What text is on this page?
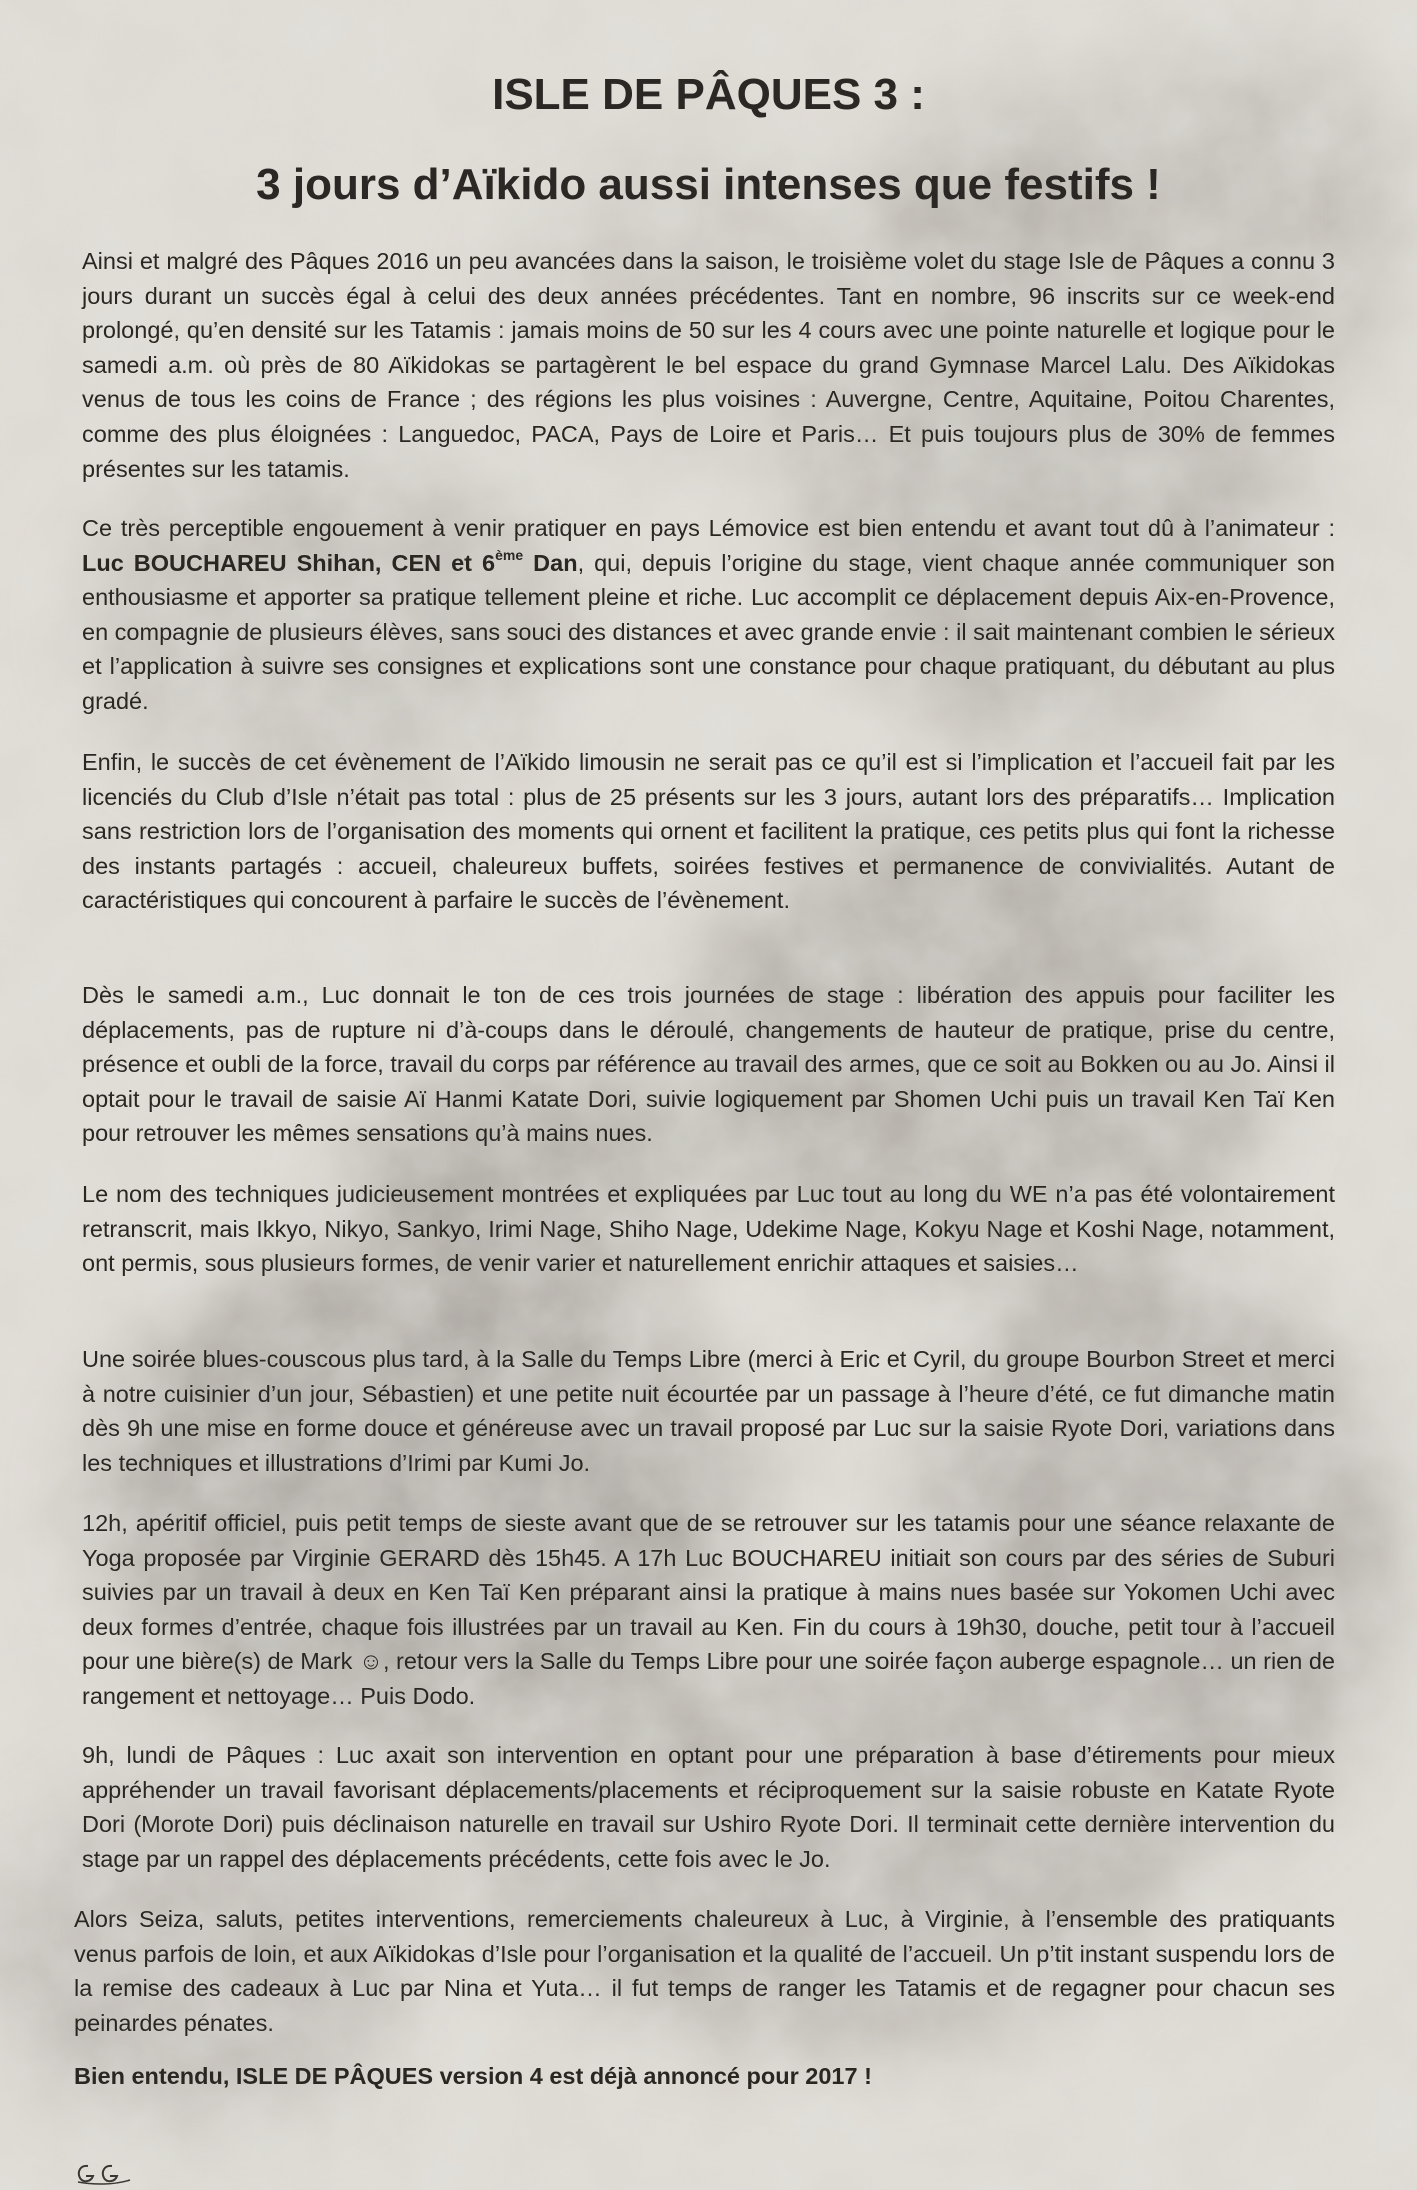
ISLE DE PÂQUES 3 :
3 jours d’Aïkido aussi intenses que festifs !

Ainsi et malgré des Pâques 2016 un peu avancées dans la saison, le troisième volet du stage Isle de Pâques a connu 3 jours durant un succès égal à celui des deux années précédentes. Tant en nombre, 96 inscrits sur ce week-end prolongé, qu’en densité sur les Tatamis : jamais moins de 50 sur les 4 cours avec une pointe naturelle et logique pour le samedi a.m. où près de 80 Aïkidokas se partagèrent le bel espace du grand Gymnase Marcel Lalu. Des Aïkidokas venus de tous les coins de France ; des régions les plus voisines : Auvergne, Centre, Aquitaine, Poitou Charentes, comme des plus éloignées : Languedoc, PACA, Pays de Loire et Paris… Et puis toujours plus de 30% de femmes présentes sur les tatamis.

Ce très perceptible engouement à venir pratiquer en pays Lémovice est bien entendu et avant tout dû à l’animateur : Luc BOUCHAREU Shihan, CEN et 6ème Dan, qui, depuis l’origine du stage, vient chaque année communiquer son enthousiasme et apporter sa pratique tellement pleine et riche. Luc accomplit ce déplacement depuis Aix-en-Provence, en compagnie de plusieurs élèves, sans souci des distances et avec grande envie : il sait maintenant combien le sérieux et l’application à suivre ses consignes et explications sont une constance pour chaque pratiquant, du débutant au plus gradé.

Enfin, le succès de cet évènement de l’Aïkido limousin ne serait pas ce qu’il est si l’implication et l’accueil fait par les licenciés du Club d’Isle n’était pas total : plus de 25 présents sur les 3 jours, autant lors des préparatifs… Implication sans restriction lors de l’organisation des moments qui ornent et facilitent la pratique, ces petits plus qui font la richesse des instants partagés : accueil, chaleureux buffets, soirées festives et permanence de convivialités. Autant de caractéristiques qui concourent à parfaire le succès de l’évènement.

Dès le samedi a.m., Luc donnait le ton de ces trois journées de stage : libération des appuis pour faciliter les déplacements, pas de rupture ni d’à-coups dans le déroulé, changements de hauteur de pratique, prise du centre, présence et oubli de la force, travail du corps par référence au travail des armes, que ce soit au Bokken ou au Jo. Ainsi il optait pour le travail de saisie Aï Hanmi Katate Dori, suivie logiquement par Shomen Uchi puis un travail Ken Taï Ken pour retrouver les mêmes sensations qu’à mains nues.

Le nom des techniques judicieusement montrées et expliquées par Luc tout au long du WE n’a pas été volontairement retranscrit, mais Ikkyo, Nikyo, Sankyo, Irimi Nage, Shiho Nage, Udekime Nage, Kokyu Nage et Koshi Nage, notamment, ont permis, sous plusieurs formes, de venir varier et naturellement enrichir attaques et saisies…

Une soirée blues-couscous plus tard, à la Salle du Temps Libre (merci à Eric et Cyril, du groupe Bourbon Street et merci à notre cuisinier d’un jour, Sébastien) et une petite nuit écourtée par un passage à l’heure d’été, ce fut dimanche matin dès 9h une mise en forme douce et généreuse avec un travail proposé par Luc sur la saisie Ryote Dori, variations dans les techniques et illustrations d’Irimi par Kumi Jo.

12h, apéritif officiel, puis petit temps de sieste avant que de se retrouver sur les tatamis pour une séance relaxante de Yoga proposée par Virginie GERARD dès 15h45. A 17h Luc BOUCHAREU initiait son cours par des séries de Suburi suivies par un travail à deux en Ken Taï Ken préparant ainsi la pratique à mains nues basée sur Yokomen Uchi avec deux formes d’entrée, chaque fois illustrées par un travail au Ken. Fin du cours à 19h30, douche, petit tour à l’accueil pour une bière(s) de Mark ☺, retour vers la Salle du Temps Libre pour une soirée façon auberge espagnole… un rien de rangement et nettoyage… Puis Dodo.

9h, lundi de Pâques : Luc axait son intervention en optant pour une préparation à base d’étirements pour mieux appréhender un travail favorisant déplacements/placements et réciproquement sur la saisie robuste en Katate Ryote Dori (Morote Dori) puis déclinaison naturelle en travail sur Ushiro Ryote Dori. Il terminait cette dernière intervention du stage par un rappel des déplacements précédents, cette fois avec le Jo.

Alors Seiza, saluts, petites interventions, remerciements chaleureux à Luc, à Virginie, à l’ensemble des pratiquants venus parfois de loin, et aux Aïkidokas d’Isle pour l’organisation et la qualité de l’accueil. Un p’tit instant suspendu lors de la remise des cadeaux à Luc par Nina et Yuta… il fut temps de ranger les Tatamis et de regagner pour chacun ses peinardes pénates.

Bien entendu, ISLE DE PÂQUES version 4 est déjà annoncé pour 2017 !
